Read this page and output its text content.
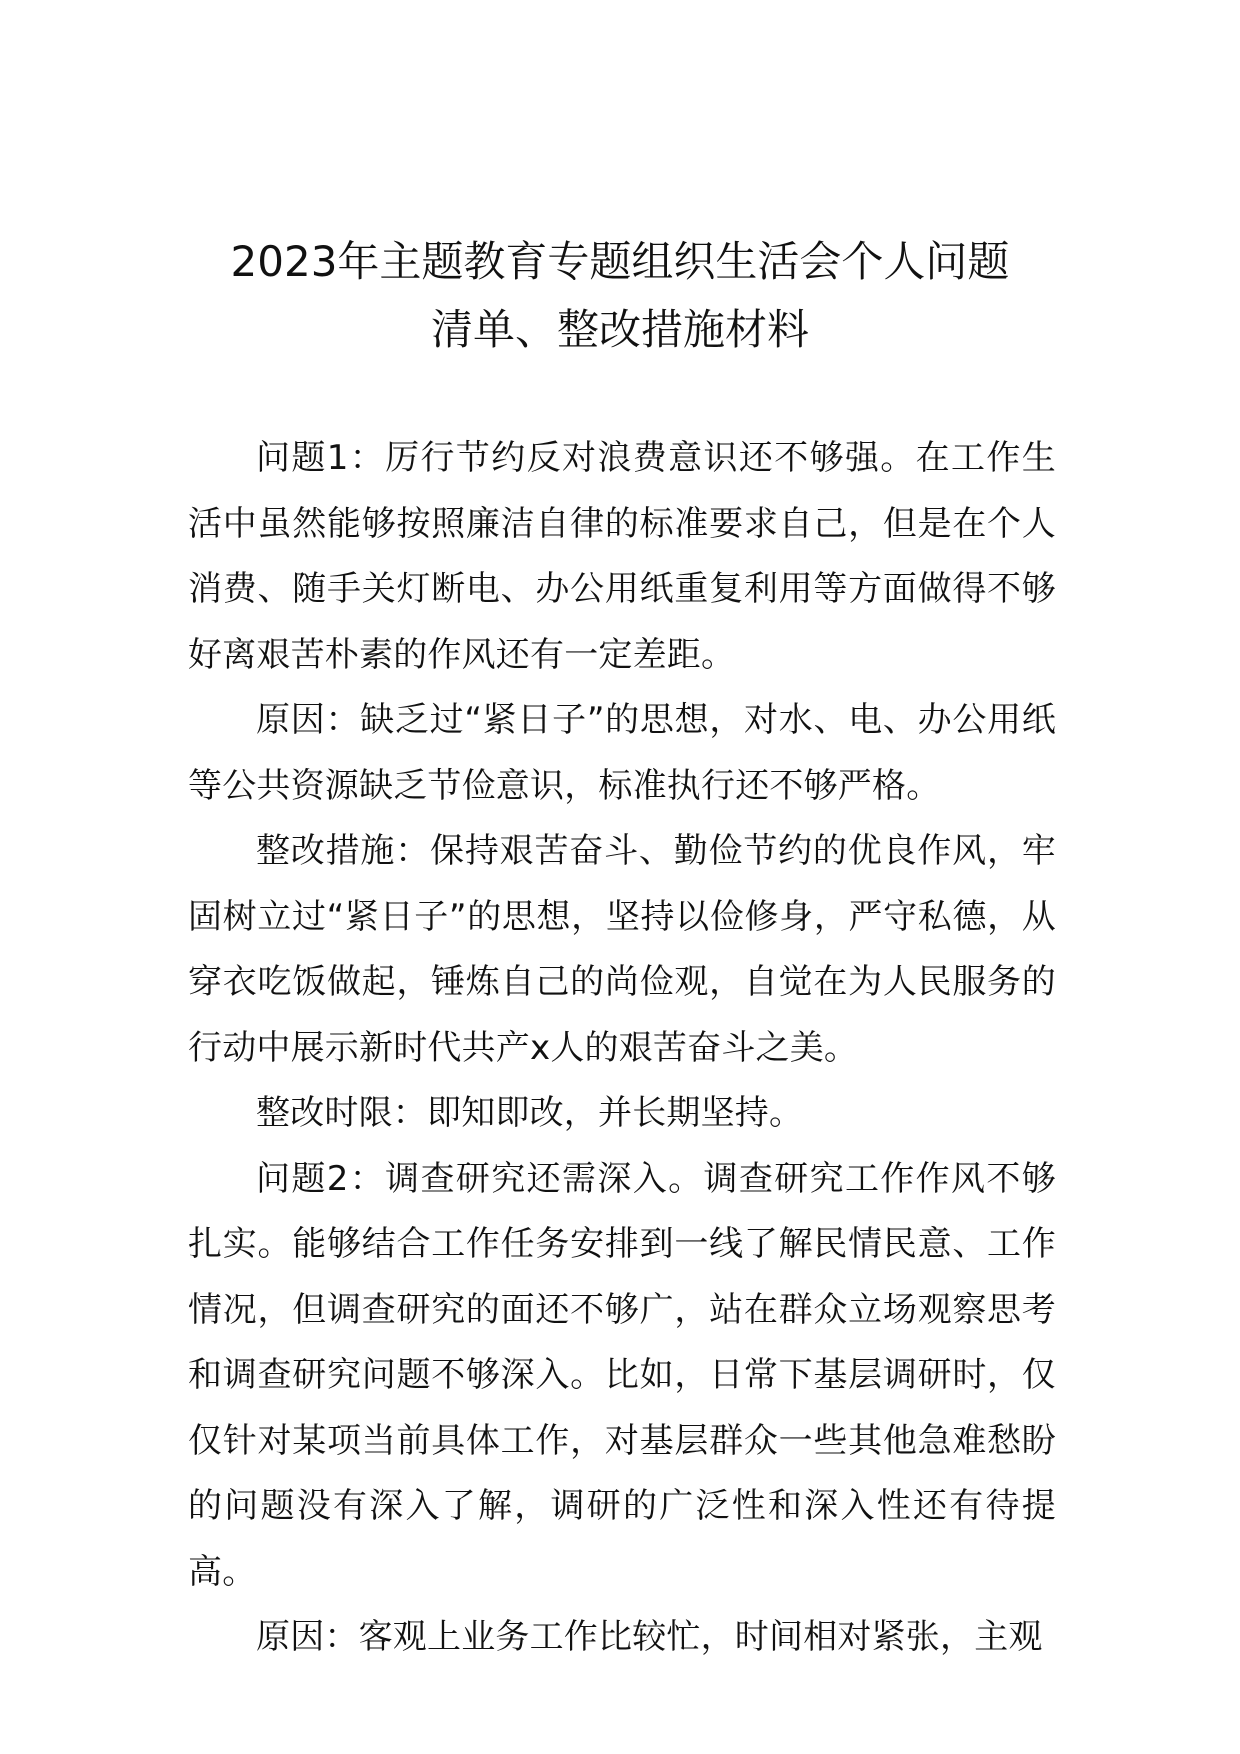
2023年主题教育专题组织生活会个人问题
清单、整改措施材料

问题1：厉行节约反对浪费意识还不够强。在工作生活中虽然能够按照廉洁自律的标准要求自己，但是在个人消费、随手关灯断电、办公用纸重复利用等方面做得不够好离艰苦朴素的作风还有一定差距。

原因：缺乏过“紧日子”的思想，对水、电、办公用纸等公共资源缺乏节俭意识，标准执行还不够严格。

整改措施：保持艰苦奋斗、勤俭节约的优良作风，牢固树立过“紧日子”的思想，坚持以俭修身，严守私德，从穿衣吃饭做起，锤炼自己的尚俭观，自觉在为人民服务的行动中展示新时代共产x人的艰苦奋斗之美。

整改时限：即知即改，并长期坚持。

问题2：调查研究还需深入。调查研究工作作风不够扎实。能够结合工作任务安排到一线了解民情民意、工作情况，但调查研究的面还不够广，站在群众立场观察思考和调查研究问题不够深入。比如，日常下基层调研时，仅仅针对某项当前具体工作，对基层群众一些其他急难愁盼的问题没有深入了解，调研的广泛性和深入性还有待提高。

原因：客观上业务工作比较忙，时间相对紧张，主观
